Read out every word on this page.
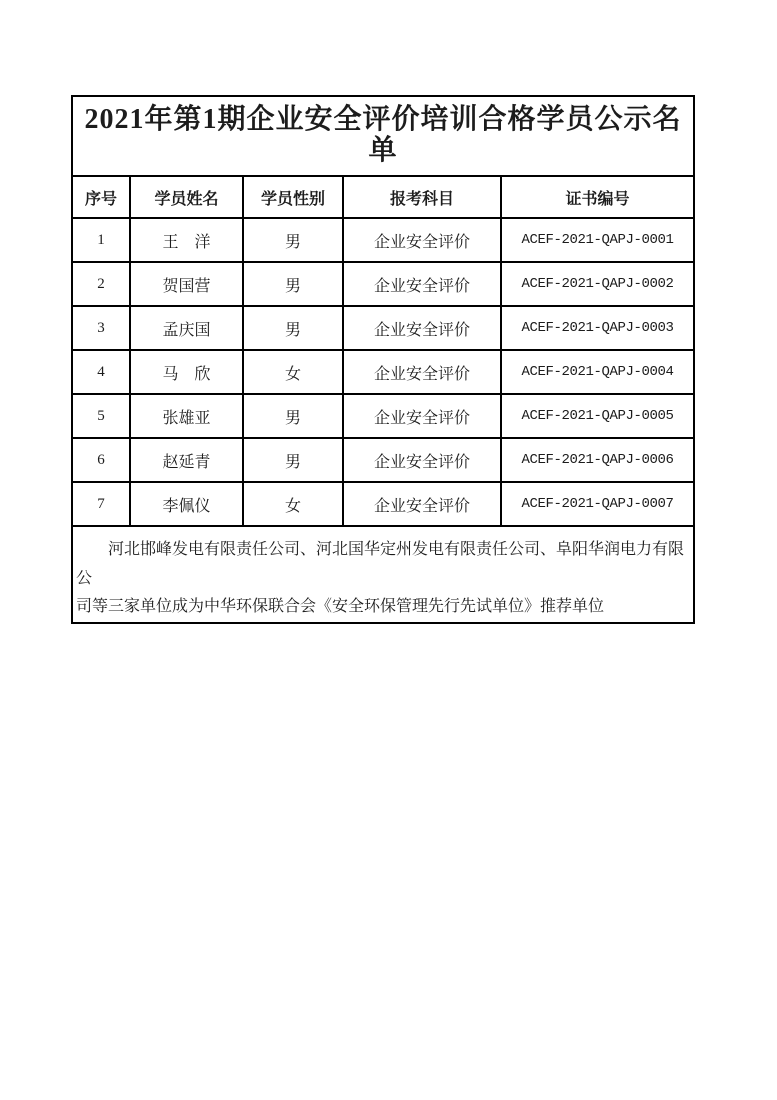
2021年第1期企业安全评价培训合格学员公示名单				
序号	学员姓名	学员性别	报考科目	证书编号
1	王　洋	男	企业安全评价	ACEF-2021-QAPJ-0001
2	贺国营	男	企业安全评价	ACEF-2021-QAPJ-0002
3	孟庆国	男	企业安全评价	ACEF-2021-QAPJ-0003
4	马　欣	女	企业安全评价	ACEF-2021-QAPJ-0004
5	张雄亚	男	企业安全评价	ACEF-2021-QAPJ-0005
6	赵延青	男	企业安全评价	ACEF-2021-QAPJ-0006
7	李佩仪	女	企业安全评价	ACEF-2021-QAPJ-0007

河北邯峰发电有限责任公司、河北国华定州发电有限责任公司、阜阳华润电力有限公
司等三家单位成为中华环保联合会《安全环保管理先行先试单位》推荐单位				
